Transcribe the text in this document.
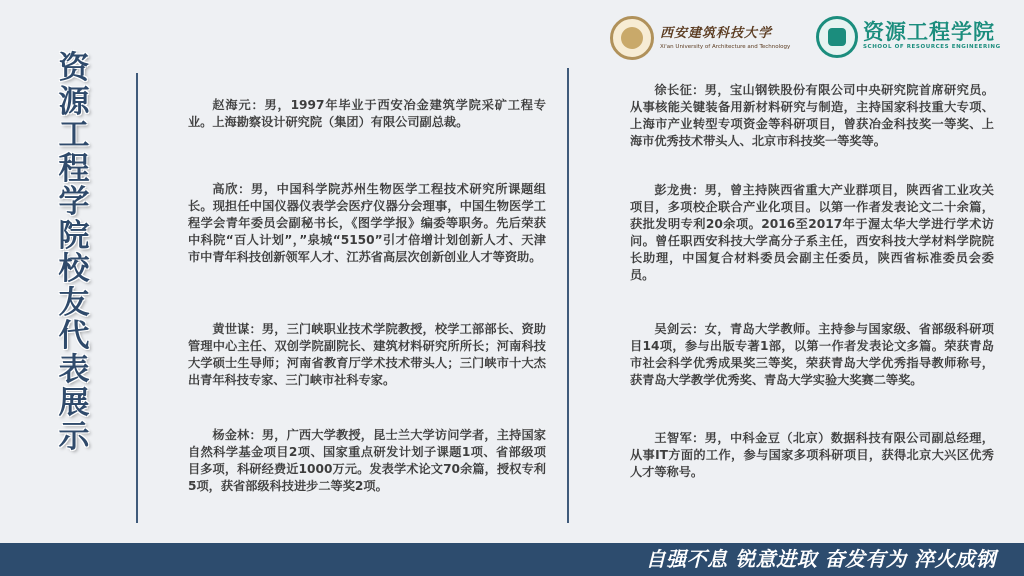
资
源
工
程
学
院
校
友
代
表
展
示
西安建筑科技大学
Xi'an University of Architecture and Technology
资源工程学院
SCHOOL OF RESOURCES ENGINEERING
赵海元：男，1997年毕业于西安冶金建筑学院采矿工程专业。上海勘察设计研究院（集团）有限公司副总裁。
高欣：男，中国科学院苏州生物医学工程技术研究所课题组长。现担任中国仪器仪表学会医疗仪器分会理事，中国生物医学工程学会青年委员会副秘书长，《图学学报》编委等职务。先后荣获中科院“百人计划”，”泉城“5150”引才倍增计划创新人才、天津市中青年科技创新领军人才、江苏省高层次创新创业人才等资助。
黄世谋：男，三门峡职业技术学院教授，校学工部部长、资助管理中心主任、双创学院副院长、建筑材料研究所所长；河南科技大学硕士生导师；河南省教育厅学术技术带头人；三门峡市十大杰出青年科技专家、三门峡市社科专家。
杨金林：男，广西大学教授，昆士兰大学访问学者，主持国家自然科学基金项目2项、国家重点研发计划子课题1项、省部级项目多项，科研经费近1000万元。发表学术论文70余篇，授权专利5项，获省部级科技进步二等奖2项。
徐长征：男，宝山钢铁股份有限公司中央研究院首席研究员。从事核能关键装备用新材料研究与制造，主持国家科技重大专项、上海市产业转型专项资金等科研项目，曾获冶金科技奖一等奖、上海市优秀技术带头人、北京市科技奖一等奖等。
彭龙贵：男，曾主持陕西省重大产业群项目，陕西省工业攻关项目，多项校企联合产业化项目。以第一作者发表论文二十余篇，获批发明专利20余项。2016至2017年于渥太华大学进行学术访问。曾任职西安科技大学高分子系主任，西安科技大学材料学院院长助理，中国复合材料委员会副主任委员，陕西省标准委员会委员。
吴剑云：女，青岛大学教师。主持参与国家级、省部级科研项目14项，参与出版专著1部，以第一作者发表论文多篇。荣获青岛市社会科学优秀成果奖三等奖，荣获青岛大学优秀指导教师称号，获青岛大学教学优秀奖、青岛大学实验大奖赛二等奖。
王智军：男，中科金豆（北京）数据科技有限公司副总经理，从事IT方面的工作，参与国家多项科研项目，获得北京大兴区优秀人才等称号。
自强不息 锐意进取 奋发有为 淬火成钢
